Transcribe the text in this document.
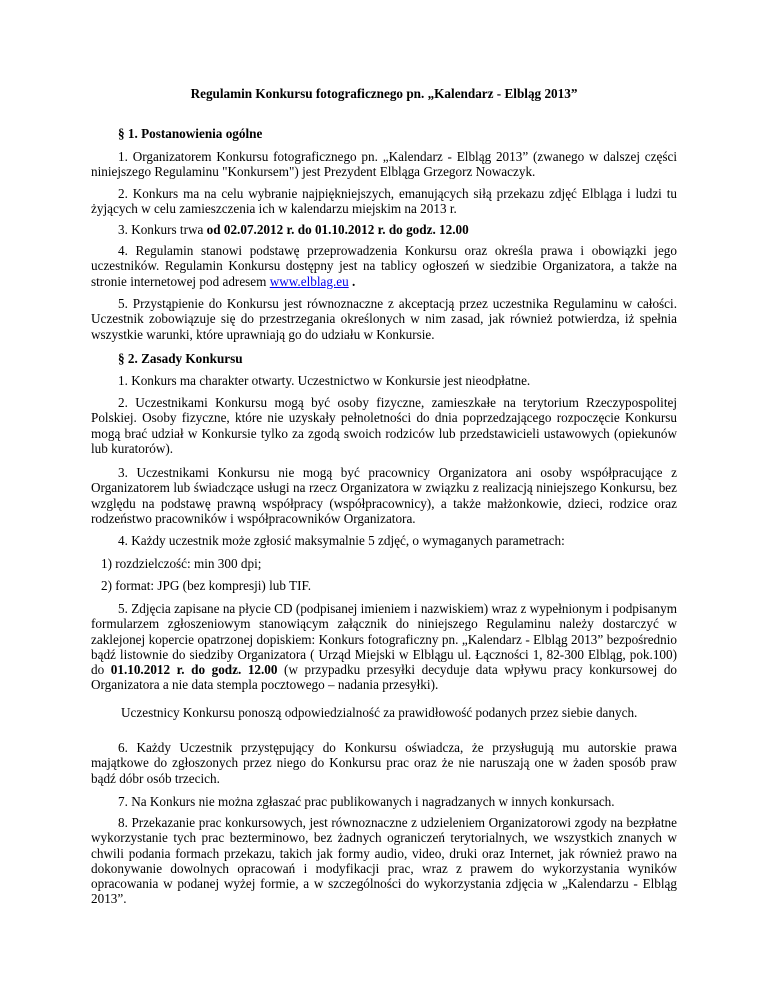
Regulamin Konkursu fotograficznego pn. „Kalendarz - Elbląg 2013”
§ 1. Postanowienia ogólne

1. Organizatorem Konkursu fotograficznego pn. „Kalendarz - Elbląg 2013” (zwanego w dalszej części niniejszego Regulaminu "Konkursem") jest Prezydent Elbląga Grzegorz Nowaczyk.

2. Konkurs ma na celu wybranie najpiękniejszych, emanujących siłą przekazu zdjęć Elbląga i ludzi tu żyjących w celu zamieszczenia ich w kalendarzu miejskim na 2013 r.

3. Konkurs trwa od 02.07.2012 r. do 01.10.2012 r. do godz. 12.00

4. Regulamin stanowi podstawę przeprowadzenia Konkursu oraz określa prawa i obowiązki jego uczestników. Regulamin Konkursu dostępny jest na tablicy ogłoszeń w siedzibie Organizatora, a także na stronie internetowej pod adresem www.elblag.eu .

5. Przystąpienie do Konkursu jest równoznaczne z akceptacją przez uczestnika Regulaminu w całości. Uczestnik zobowiązuje się do przestrzegania określonych w nim zasad, jak również potwierdza, iż spełnia wszystkie warunki, które uprawniają go do udziału w Konkursie.

§ 2. Zasady Konkursu

1. Konkurs ma charakter otwarty. Uczestnictwo w Konkursie jest nieodpłatne.

2. Uczestnikami Konkursu mogą być osoby fizyczne, zamieszkałe na terytorium Rzeczypospolitej Polskiej. Osoby fizyczne, które nie uzyskały pełnoletności do dnia poprzedzającego rozpoczęcie Konkursu mogą brać udział w Konkursie tylko za zgodą swoich rodziców lub przedstawicieli ustawowych (opiekunów lub kuratorów).

3. Uczestnikami Konkursu nie mogą być pracownicy Organizatora ani osoby współpracujące z Organizatorem lub świadczące usługi na rzecz Organizatora w związku z realizacją niniejszego Konkursu, bez względu na podstawę prawną współpracy (współpracownicy), a także małżonkowie, dzieci, rodzice oraz rodzeństwo pracowników i współpracowników Organizatora.

4. Każdy uczestnik może zgłosić maksymalnie 5 zdjęć, o wymaganych parametrach:

1) rozdzielczość: min 300 dpi;
2) format: JPG (bez kompresji) lub TIF.

5. Zdjęcia zapisane na płycie CD (podpisanej imieniem i nazwiskiem) wraz z wypełnionym i podpisanym formularzem zgłoszeniowym stanowiącym załącznik do niniejszego Regulaminu należy dostarczyć w zaklejonej kopercie opatrzonej dopiskiem: Konkurs fotograficzny pn. „Kalendarz - Elbląg 2013” bezpośrednio bądź listownie do siedziby Organizatora ( Urząd Miejski w Elblągu ul. Łączności 1, 82-300 Elbląg, pok.100) do 01.10.2012 r. do godz. 12.00 (w przypadku przesyłki decyduje data wpływu pracy konkursowej do Organizatora a nie data stempla pocztowego – nadania przesyłki).

Uczestnicy Konkursu ponoszą odpowiedzialność za prawidłowość podanych przez siebie danych.

6. Każdy Uczestnik przystępujący do Konkursu oświadcza, że przysługują mu autorskie prawa majątkowe do zgłoszonych przez niego do Konkursu prac oraz że nie naruszają one w żaden sposób praw bądź dóbr osób trzecich.

7. Na Konkurs nie można zgłaszać prac publikowanych i nagradzanych w innych konkursach.

8. Przekazanie prac konkursowych, jest równoznaczne z udzieleniem Organizatorowi zgody na bezpłatne wykorzystanie tych prac bezterminowo, bez żadnych ograniczeń terytorialnych, we wszystkich znanych w chwili podania formach przekazu, takich jak formy audio, video, druki oraz Internet, jak również prawo na dokonywanie dowolnych opracowań i modyfikacji prac, wraz z prawem do wykorzystania wyników opracowania w podanej wyżej formie, a w szczególności do wykorzystania zdjęcia w „Kalendarzu - Elbląg 2013”.
